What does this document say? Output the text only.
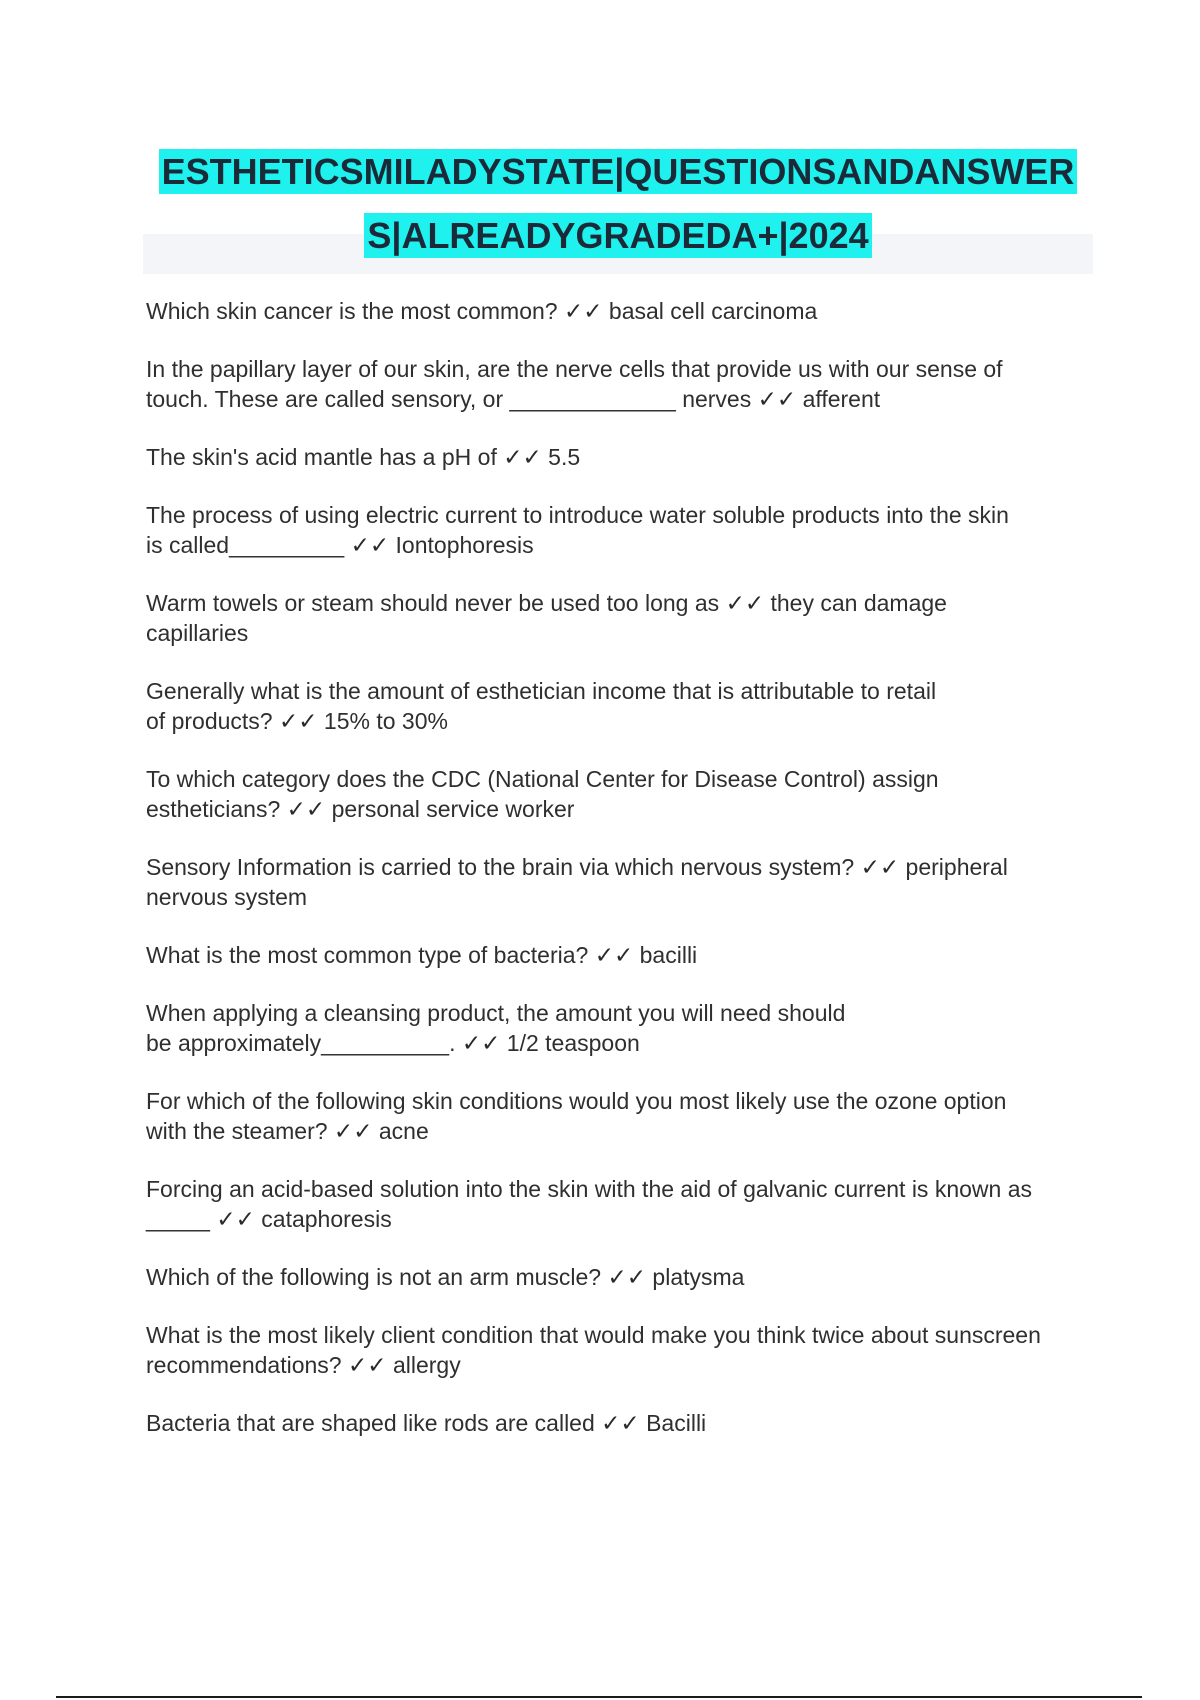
ESTHETICSMILADYSTATE|QUESTIONSANDANSWER
S|ALREADYGRADEDA+|2024

Which skin cancer is the most common? ✓✓ basal cell carcinoma

In the papillary layer of our skin, are the nerve cells that provide us with our sense of
touch. These are called sensory, or _____________ nerves ✓✓ afferent

The skin's acid mantle has a pH of ✓✓ 5.5

The process of using electric current to introduce water soluble products into the skin
is called_________ ✓✓ Iontophoresis

Warm towels or steam should never be used too long as ✓✓ they can damage
capillaries

Generally what is the amount of esthetician income that is attributable to retail
of products? ✓✓ 15% to 30%

To which category does the CDC (National Center for Disease Control) assign
estheticians? ✓✓ personal service worker

Sensory Information is carried to the brain via which nervous system? ✓✓ peripheral
nervous system

What is the most common type of bacteria? ✓✓ bacilli

When applying a cleansing product, the amount you will need should
be approximately__________. ✓✓ 1/2 teaspoon

For which of the following skin conditions would you most likely use the ozone option
with the steamer? ✓✓ acne

Forcing an acid-based solution into the skin with the aid of galvanic current is known as
_____ ✓✓ cataphoresis

Which of the following is not an arm muscle? ✓✓ platysma

What is the most likely client condition that would make you think twice about sunscreen
recommendations? ✓✓ allergy

Bacteria that are shaped like rods are called ✓✓ Bacilli
